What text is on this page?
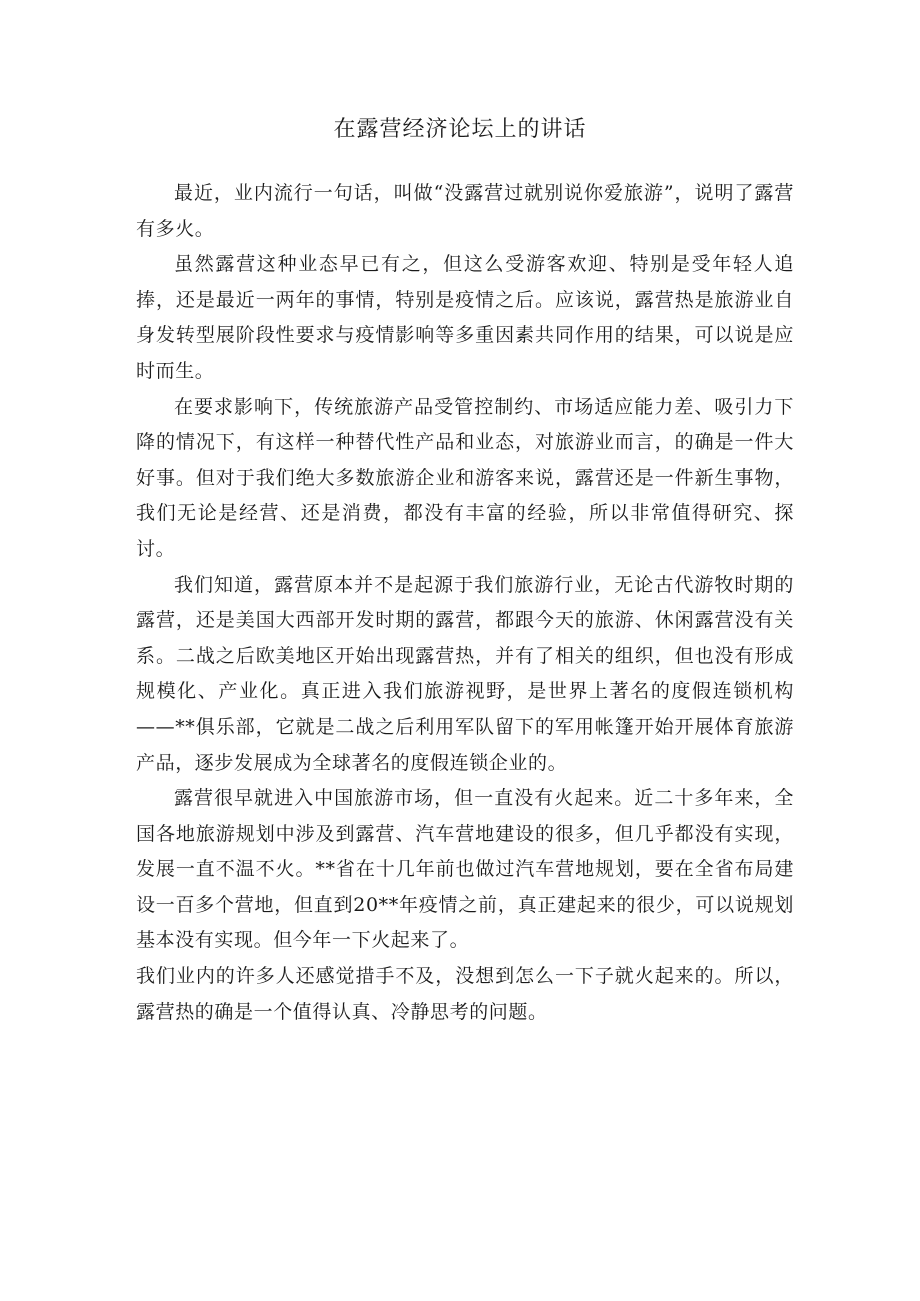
在露营经济论坛上的讲话

最近，业内流行一句话，叫做“没露营过就别说你爱旅游”，说明了露营有多火。

虽然露营这种业态早已有之，但这么受游客欢迎、特别是受年轻人追捧，还是最近一两年的事情，特别是疫情之后。应该说，露营热是旅游业自身发转型展阶段性要求与疫情影响等多重因素共同作用的结果，可以说是应时而生。

在要求影响下，传统旅游产品受管控制约、市场适应能力差、吸引力下降的情况下，有这样一种替代性产品和业态，对旅游业而言，的确是一件大好事。但对于我们绝大多数旅游企业和游客来说，露营还是一件新生事物，我们无论是经营、还是消费，都没有丰富的经验，所以非常值得研究、探讨。

我们知道，露营原本并不是起源于我们旅游行业，无论古代游牧时期的露营，还是美国大西部开发时期的露营，都跟今天的旅游、休闲露营没有关系。二战之后欧美地区开始出现露营热，并有了相关的组织，但也没有形成规模化、产业化。真正进入我们旅游视野，是世界上著名的度假连锁机构——**俱乐部，它就是二战之后利用军队留下的军用帐篷开始开展体育旅游产品，逐步发展成为全球著名的度假连锁企业的。

露营很早就进入中国旅游市场，但一直没有火起来。近二十多年来，全国各地旅游规划中涉及到露营、汽车营地建设的很多，但几乎都没有实现，发展一直不温不火。**省在十几年前也做过汽车营地规划，要在全省布局建设一百多个营地，但直到20**年疫情之前，真正建起来的很少，可以说规划基本没有实现。但今年一下火起来了。

我们业内的许多人还感觉措手不及，没想到怎么一下子就火起来的。所以，露营热的确是一个值得认真、冷静思考的问题。
